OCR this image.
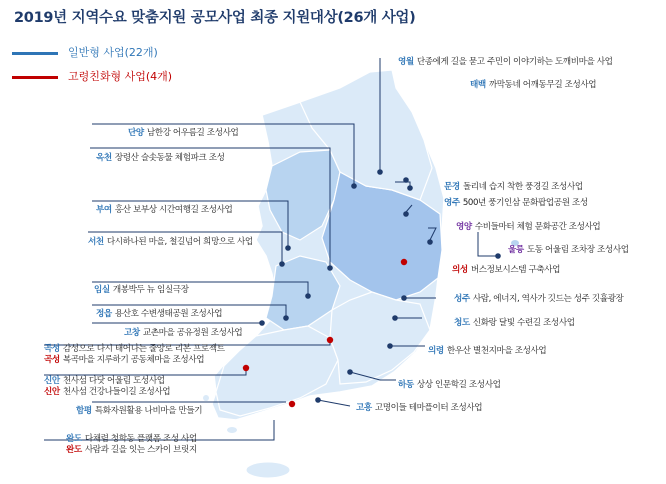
2019년 지역수요 맞춤지원 공모사업 최종 지원대상(26개 사업)
일반형 사업(22개)
고령친화형 사업(4개)
영월 단종에게 길을 묻고 주민이 이야기하는 도깨비마을 사업
태백 까막동네 어깨동무길 조성사업
단양 남한강 어우름길 조성사업
옥천 장령산 슬솟동물 체험파크 조성
문경 돌리네 습지 착한 풍경길 조성사업
영주 500년 풍기인삼 문화팝업공원 조성
부여 홍산 보부상 시간여행길 조성사업
영양 수비들마터 체험 문화공간 조성사업
서천 다시하나된 마을, 철길넘어 희망으로 사업
울릉 도동 어울림 조차장 조성사업
의성 버스정보시스템 구축사업
임실 개봉박두 뉴 임실극장
성주 사람, 에너지, 역사가 깃드는 성주 깃휼광장
정읍 용산호 수변생태공원 조성사업
청도 신화랑 달빛 수련길 조성사업
고창 교촌마을 공유정원 조성사업
곡성 감성으로 다시 태어나는 줄앙로 리본 프로젝트
곡성 복곡마을 지루하기 공동체마을 조성사업
의령 한우산 별천지마을 조성사업
신안 천사섬 다닷 어울림 도성사업
신안 천사섬 건강나들이길 조성사업
하동 상상 인문학길 조성사업
함평 특화자원활용 나비마을 만들기	고흥 고명이들 테마플이터 조성사업
완도 다채렴 청학동 플랫폼 조성 사업
완도 사람과 길을 잇는 스카이 브릿지
